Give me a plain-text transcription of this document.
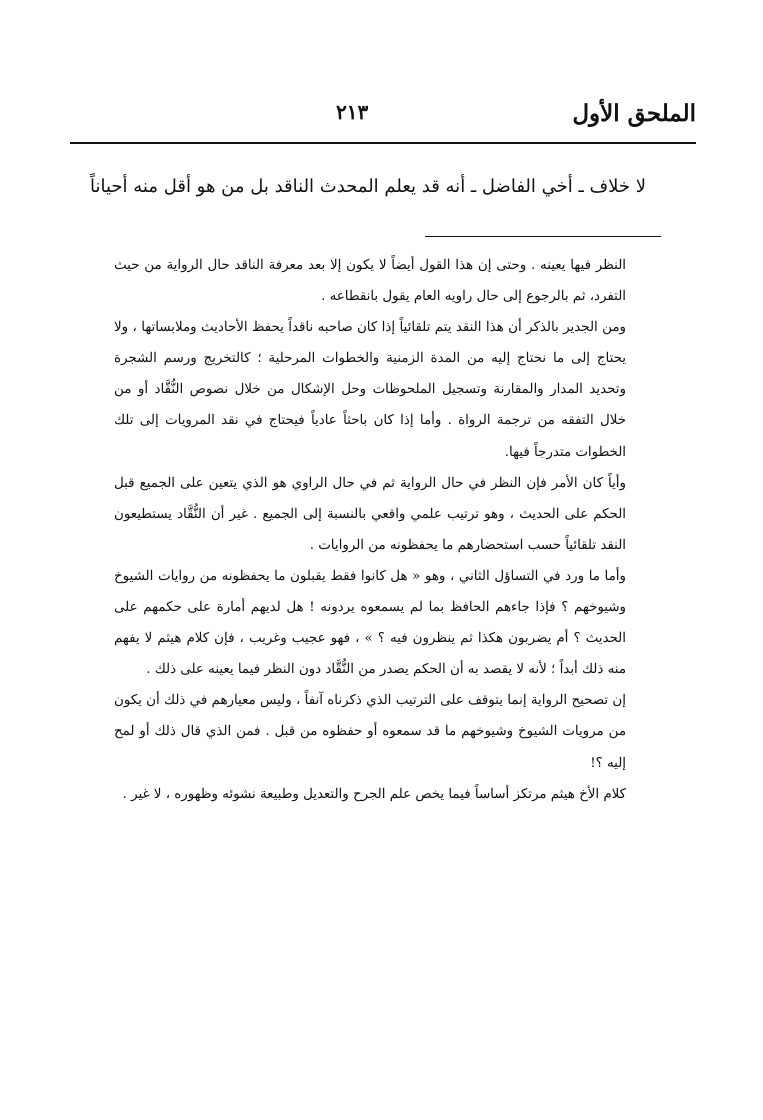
الملحق الأول
٢١٣
لا خلاف ـ أخي الفاضل ـ أنه قد يعلم المحدث الناقد بل من هو أقل منه أحياناً

النظر فيها يعينه . وحتى إن هذا القول أيضاً لا يكون إلا بعد معرفة الناقد حال الرواية من حيث التفرد، ثم بالرجوع إلى حال راويه العام يقول بانقطاعه .

ومن الجدير بالذكر أن هذا النقد يتم تلقائياً إذا كان صاحبه ناقداً يحفظ الأحاديث وملابساتها ، ولا يحتاج إلى ما نحتاج إليه من المدة الزمنية والخطوات المرحلية ؛ كالتخريج ورسم الشجرة وتحديد المدار والمقارنة وتسجيل الملحوظات وحل الإشكال من خلال نصوص النُّقَّاد أو من خلال التفقه من ترجمة الرواة . وأما إذا كان باحثاً عادياً فيحتاج في نقد المرويات إلى تلك الخطوات متدرجاً فيها.

وأياً كان الأمر فإن النظر في حال الرواية ثم في حال الراوي هو الذي يتعين على الجميع قبل الحكم على الحديث ، وهو ترتيب علمي واقعي بالنسبة إلى الجميع . غير أن النُّقَّاد يستطيعون النقد تلقائياً حسب استحضارهم ما يحفظونه من الروايات .

وأما ما ورد في التساؤل الثاني ، وهو « هل كانوا فقط يقبلون ما يحفظونه من روايات الشيوخ وشيوخهم ؟ فإذا جاءهم الحافظ بما لم يسمعوه يردونه ! هل لديهم أمارة على حكمهم على الحديث ؟ أم يضربون هكذا ثم ينظرون فيه ؟ » ، فهو عجيب وغريب ، فإن كلام هيثم لا يفهم منه ذلك أبداً ؛ لأنه لا يقصد به أن الحكم يصدر من النُّقَّاد دون النظر فيما يعينه على ذلك .

إن تصحيح الرواية إنما يتوقف على الترتيب الذي ذكرناه آنفاً ، وليس معيارهم في ذلك أن يكون من مرويات الشيوخ وشيوخهم ما قد سمعوه أو حفظوه من قبل . فمن الذي قال ذلك أو لمح إليه ؟!

كلام الأخ هيثم مرتكز أساساً فيما يخص علم الجرح والتعديل وطبيعة نشوئه وظهوره ، لا غير .
